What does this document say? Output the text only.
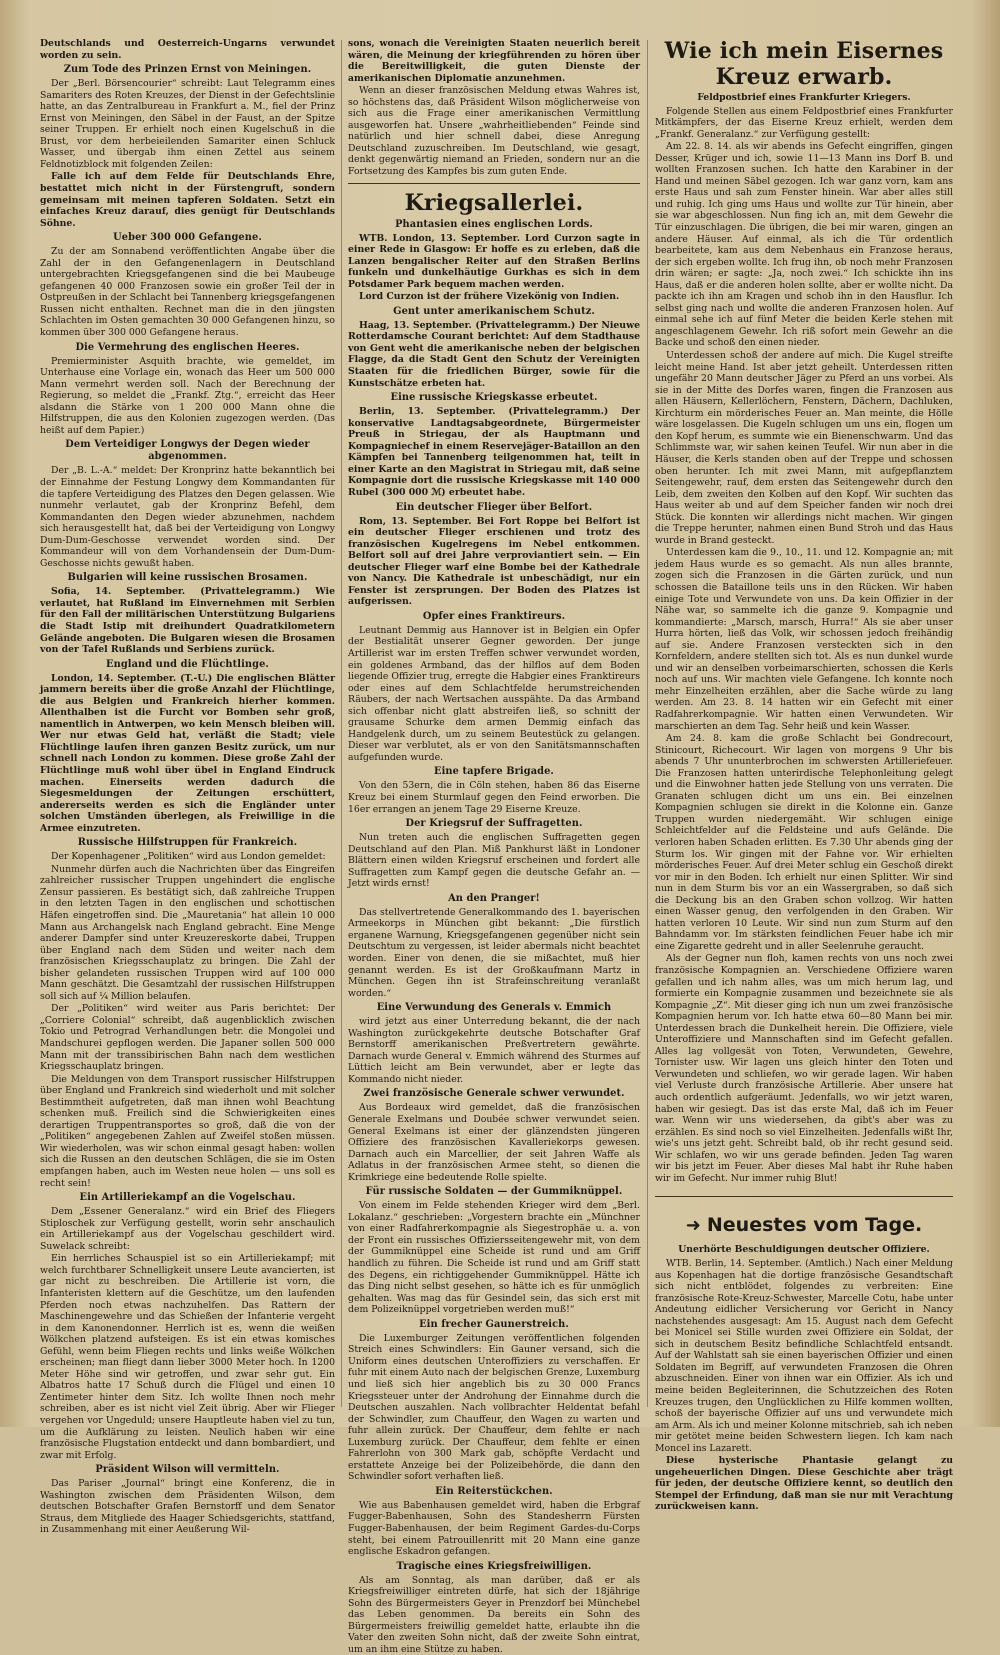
Deutschlands und Oesterreich-Ungarns verwundet worden zu sein.

Zum Tode des Prinzen Ernst von Meiningen.

Der „Berl. Börsencourier“ schreibt: Laut Telegramm eines Samariters des Roten Kreuzes, der Dienst in der Gefechtslinie hatte, an das Zentralbureau in Frankfurt a. M., fiel der Prinz Ernst von Meiningen, den Säbel in der Faust, an der Spitze seiner Truppen. Er erhielt noch einen Kugelschuß in die Brust, vor dem herbeieilenden Samariter einen Schluck Wasser, und übergab ihm einen Zettel aus seinem Feldnotizblock mit folgenden Zeilen:

Falle ich auf dem Felde für Deutschlands Ehre, bestattet mich nicht in der Fürstengruft, sondern gemeinsam mit meinen tapferen Soldaten. Setzt ein einfaches Kreuz darauf, dies genügt für Deutschlands Söhne.

Ueber 300 000 Gefangene.

Zu der am Sonnabend veröffentlichten Angabe über die Zahl der in den Gefangenenlagern in Deutschland untergebrachten Kriegsgefangenen sind die bei Maubeuge gefangenen 40 000 Franzosen sowie ein großer Teil der in Ostpreußen in der Schlacht bei Tannenberg kriegsgefangenen Russen nicht enthalten. Rechnet man die in den jüngsten Schlachten im Osten gemachten 30 000 Gefangenen hinzu, so kommen über 300 000 Gefangene heraus.

Die Vermehrung des englischen Heeres.

Premierminister Asquith brachte, wie gemeldet, im Unterhause eine Vorlage ein, wonach das Heer um 500 000 Mann vermehrt werden soll. Nach der Berechnung der Regierung, so meldet die „Frankf. Ztg.“, erreicht das Heer alsdann die Stärke von 1 200 000 Mann ohne die Hilfstruppen, die aus den Kolonien zugezogen werden. (Das heißt auf dem Papier.)

Dem Verteidiger Longwys der Degen wieder abgenommen.

Der „B. L.-A.“ meldet: Der Kronprinz hatte bekanntlich bei der Einnahme der Festung Longwy dem Kommandanten für die tapfere Verteidigung des Platzes den Degen gelassen. Wie nunmehr verlautet, gab der Kronprinz Befehl, dem Kommandanten den Degen wieder abzunehmen, nachdem sich herausgestellt hat, daß bei der Verteidigung von Longwy Dum-Dum-Geschosse verwendet worden sind. Der Kommandeur will von dem Vorhandensein der Dum-Dum-Geschosse nichts gewußt haben.

Bulgarien will keine russischen Brosamen.

Sofia, 14. September. (Privattelegramm.) Wie verlautet, hat Rußland im Einvernehmen mit Serbien für den Fall der militärischen Unterstützung Bulgariens die Stadt Istip mit dreihundert Quadratkilometern Gelände angeboten. Die Bulgaren wiesen die Brosamen von der Tafel Rußlands und Serbiens zurück.

England und die Flüchtlinge.

London, 14. September. (T.-U.) Die englischen Blätter jammern bereits über die große Anzahl der Flüchtlinge, die aus Belgien und Frankreich hierher kommen. Allenthalben ist die Furcht vor Bomben sehr groß, namentlich in Antwerpen, wo kein Mensch bleiben will. Wer nur etwas Geld hat, verläßt die Stadt; viele Flüchtlinge laufen ihren ganzen Besitz zurück, um nur schnell nach London zu kommen. Diese große Zahl der Flüchtlinge muß wohl über übel in England Eindruck machen. Einerseits werden dadurch die Siegesmeldungen der Zeitungen erschüttert, andererseits werden es sich die Engländer unter solchen Umständen überlegen, als Freiwillige in die Armee einzutreten.

Russische Hilfstruppen für Frankreich.

Der Kopenhagener „Politiken“ wird aus London gemeldet:

Nunmehr dürfen auch die Nachrichten über das Eingreifen zahlreicher russischer Truppen ungehindert die englische Zensur passieren. Es bestätigt sich, daß zahlreiche Truppen in den letzten Tagen in den englischen und schottischen Häfen eingetroffen sind. Die „Mauretania“ hat allein 10 000 Mann aus Archangelsk nach England gebracht. Eine Menge anderer Dampfer sind unter Kreuzereskorte dabei, Truppen über England nach dem Süden und weiter nach dem französischen Kriegsschauplatz zu bringen. Die Zahl der bisher gelandeten russischen Truppen wird auf 100 000 Mann geschätzt. Die Gesamtzahl der russischen Hilfstruppen soll sich auf ¼ Million belaufen.

Der „Politiken“ wird weiter aus Paris berichtet: Der „Corriere Colonial“ schreibt, daß augenblicklich zwischen Tokio und Petrograd Verhandlungen betr. die Mongolei und Mandschurei gepflogen werden. Die Japaner sollen 500 000 Mann mit der transsibirischen Bahn nach dem westlichen Kriegsschauplatz bringen.

Die Meldungen von dem Transport russischer Hilfstruppen über England und Frankreich sind wiederholt und mit solcher Bestimmtheit aufgetreten, daß man ihnen wohl Beachtung schenken muß. Freilich sind die Schwierigkeiten eines derartigen Truppentransportes so groß, daß die von der „Politiken“ angegebenen Zahlen auf Zweifel stoßen müssen. Wir wiederholen, was wir schon einmal gesagt haben: wollen sich die Russen an den deutschen Schlägen, die sie im Osten empfangen haben, auch im Westen neue holen — uns soll es recht sein!

Ein Artilleriekampf an die Vogelschau.

Dem „Essener Generalanz.“ wird ein Brief des Fliegers Stiploschek zur Verfügung gestellt, worin sehr anschaulich ein Artilleriekampf aus der Vogelschau geschildert wird. Suwelack schreibt:

Ein herrliches Schauspiel ist so ein Artilleriekampf; mit welch furchtbarer Schnelligkeit unsere Leute avancierten, ist gar nicht zu beschreiben. Die Artillerie ist vorn, die Infanteristen klettern auf die Geschütze, um den laufenden Pferden noch etwas nachzuhelfen. Das Rattern der Maschinengewehre und das Schießen der Infanterie vergeht in dem Kanonendonner. Herrlich ist es, wenn die weißen Wölkchen platzend aufsteigen. Es ist ein etwas komisches Gefühl, wenn beim Fliegen rechts und links weiße Wölkchen erscheinen; man fliegt dann lieber 3000 Meter hoch. In 1200 Meter Höhe sind wir getroffen, und zwar sehr gut. Ein Albatros hatte 17 Schuß durch die Flügel und einen 10 Zentimeter hinter dem Sitz. Ich wollte Ihnen noch mehr schreiben, aber es ist nicht viel Zeit übrig. Aber wir Flieger vergehen vor Ungeduld; unsere Hauptleute haben viel zu tun, um die Aufklärung zu leisten. Neulich haben wir eine französische Flugstation entdeckt und dann bombardiert, und zwar mit Erfolg.

Präsident Wilson will vermitteln.

Das Pariser „Journal“ bringt eine Konferenz, die in Washington zwischen dem Präsidenten Wilson, dem deutschen Botschafter Grafen Bernstorff und dem Senator Straus, dem Mitgliede des Haager Schiedsgerichts, stattfand, in Zusammenhang mit einer Aeußerung Wil-

sons, wonach die Vereinigten Staaten neuerlich bereit wären, die Meinung der kriegführenden zu hören über die Bereitwilligkeit, die guten Dienste der amerikanischen Diplomatie anzunehmen.

Wenn an dieser französischen Meldung etwas Wahres ist, so höchstens das, daß Präsident Wilson möglicherweise von sich aus die Frage einer amerikanischen Vermittlung ausgeworfen hat. Unsere „wahrheitliebenden“ Feinde sind natürlich und hier schnell dabei, diese Anregung Deutschland zuzuschreiben. Im Deutschland, wie gesagt, denkt gegenwärtig niemand an Frieden, sondern nur an die Fortsetzung des Kampfes bis zum guten Ende.

Kriegsallerlei.
Phantasien eines englischen Lords.

WTB. London, 13. September. Lord Curzon sagte in einer Rede in Glasgow: Er hoffe es zu erleben, daß die Lanzen bengalischer Reiter auf den Straßen Berlins funkeln und dunkelhäutige Gurkhas es sich in dem Potsdamer Park bequem machen werden.

Lord Curzon ist der frühere Vizekönig von Indien.

Gent unter amerikanischem Schutz.

Haag, 13. September. (Privattelegramm.) Der Nieuwe Rotterdamsche Courant berichtet: Auf dem Stadthause von Gent weht die amerikanische neben der belgischen Flagge, da die Stadt Gent den Schutz der Vereinigten Staaten für die friedlichen Bürger, sowie für die Kunstschätze erbeten hat.

Eine russische Kriegskasse erbeutet.

Berlin, 13. September. (Privattelegramm.) Der konservative Landtagsabgeordnete, Bürgermeister Preuß in Striegau, der als Hauptmann und Kompagniechef in einem Reservejäger-Bataillon an den Kämpfen bei Tannenberg teilgenommen hat, teilt in einer Karte an den Magistrat in Striegau mit, daß seine Kompagnie dort die russische Kriegskasse mit 140 000 Rubel (300 000 ℳ) erbeutet habe.

Ein deutscher Flieger über Belfort.

Rom, 13. September. Bei Fort Roppe bei Belfort ist ein deutscher Flieger erschienen und trotz des französischen Kugelregens im Nebel entkommen. Belfort soll auf drei Jahre verproviantiert sein. — Ein deutscher Flieger warf eine Bombe bei der Kathedrale von Nancy. Die Kathedrale ist unbeschädigt, nur ein Fenster ist zersprungen. Der Boden des Platzes ist aufgerissen.

Opfer eines Franktireurs.

Leutnant Demmig aus Hannover ist in Belgien ein Opfer der Bestialität unserer Gegner geworden. Der junge Artillerist war im ersten Treffen schwer verwundet worden, ein goldenes Armband, das der hilflos auf dem Boden liegende Offizier trug, erregte die Habgier eines Franktireurs oder eines auf dem Schlachtfelde herumstreichenden Räubers, der nach Wertsachen ausspähte. Da das Armband sich offenbar nicht glatt abstreifen ließ, so schnitt der grausame Schurke dem armen Demmig einfach das Handgelenk durch, um zu seinem Beutestück zu gelangen. Dieser war verblutet, als er von den Sanitätsmannschaften aufgefunden wurde.

Eine tapfere Brigade.

Von den 53ern, die in Cöln stehen, haben 86 das Eiserne Kreuz bei einem Sturmlauf gegen den Feind erworben. Die 16er errangen an jenem Tage 29 Eiserne Kreuze.

Der Kriegsruf der Suffragetten.

Nun treten auch die englischen Suffragetten gegen Deutschland auf den Plan. Miß Pankhurst läßt in Londoner Blättern einen wilden Kriegsruf erscheinen und fordert alle Suffragetten zum Kampf gegen die deutsche Gefahr an. — Jetzt wirds ernst!

An den Pranger!

Das stellvertretende Generalkommando des 1. bayerischen Armeekorps in München gibt bekannt: „Die fürstlich erganene Warnung, Kriegsgefangenen gegenüber nicht sein Deutschtum zu vergessen, ist leider abermals nicht beachtet worden. Einer von denen, die sie mißachtet, muß hier genannt werden. Es ist der Großkaufmann Martz in München. Gegen ihn ist Strafeinschreitung veranlaßt worden.“

Eine Verwundung des Generals v. Emmich

wird jetzt aus einer Unterredung bekannt, die der nach Washington zurückgekehrte deutsche Botschafter Graf Bernstorff amerikanischen Preßvertretern gewährte. Darnach wurde General v. Emmich während des Sturmes auf Lüttich leicht am Bein verwundet, aber er legte das Kommando nicht nieder.

Zwei französische Generale schwer verwundet.

Aus Bordeaux wird gemeldet, daß die französischen Generale Exelmans und Doubée schwer verwundet seien. General Exelmans ist einer der glänzendsten jüngeren Offiziere des französischen Kavalleriekorps gewesen. Darnach auch ein Marcellier, der seit Jahren Waffe als Adlatus in der französischen Armee steht, so dienen die Krimkriege eine bedeutende Rolle spielte.

Für russische Soldaten — der Gummiknüppel.

Von einem im Felde stehenden Krieger wird dem „Berl. Lokalanz.“ geschrieben: „Vorgestern brachte ein „Münchner von einer Radfahrerkompagnie als Siegestrophäe u. a. von der Front ein russisches Offiziersseitengewehr mit, von dem der Gummiknüppel eine Scheide ist rund und am Griff handlich zu führen. Die Scheide ist rund und am Griff statt des Degens, ein richtiggehender Gummiknüppel. Hätte ich das Ding nicht selbst gesehen, so hätte ich es für unmöglich gehalten. Was mag das für Gesindel sein, das sich erst mit dem Polizeiknüppel vorgetrieben werden muß!“

Ein frecher Gaunerstreich.

Die Luxemburger Zeitungen veröffentlichen folgenden Streich eines Schwindlers: Ein Gauner versand, sich die Uniform eines deutschen Unteroffiziers zu verschaffen. Er fuhr mit einem Auto nach der belgischen Grenze, Luxemburg und ließ sich hier angeblich bis zu 30 000 Francs Kriegssteuer unter der Androhung der Einnahme durch die Deutschen auszahlen. Nach vollbrachter Heldentat befahl der Schwindler, zum Chauffeur, den Wagen zu warten und fuhr allein zurück. Der Chauffeur, dem fehlte er nach Luxemburg zurück. Der Chauffeur, dem fehlte er einen Fahrerlohn von 300 Mark gab, schöpfte Verdacht und erstattete Anzeige bei der Polizeibehörde, die dann den Schwindler sofort verhaften ließ.

Ein Reiterstückchen.

Wie aus Babenhausen gemeldet wird, haben die Erbgraf Fugger-Babenhausen, Sohn des Standesherrn Fürsten Fugger-Babenhausen, der beim Regiment Gardes-du-Corps steht, bei einem Patrouillenritt mit 20 Mann eine ganze englische Eskadron gefangen.

Tragische eines Kriegsfreiwilligen.

Als am Sonntag, als man darüber, daß er als Kriegsfreiwilliger eintreten dürfe, hat sich der 18jährige Sohn des Bürgermeisters Geyer in Prenzdorf bei Münchebel das Leben genommen. Da bereits ein Sohn des Bürgermeisters freiwillig gemeldet hatte, erlaubte ihn die Vater den zweiten Sohn nicht, daß der zweite Sohn eintrat, um an ihm eine Stütze zu haben.

Wie ich mein Eisernes Kreuz erwarb.
Feldpostbrief eines Frankfurter Kriegers.

Folgende Stellen aus einem Feldpostbrief eines Frankfurter Mitkämpfers, der das Eiserne Kreuz erhielt, werden dem „Frankf. Generalanz.“ zur Verfügung gestellt:

Am 22. 8. 14. als wir abends ins Gefecht eingriffen, gingen Desser, Krüger und ich, sowie 11—13 Mann ins Dorf B. und wollten Franzosen suchen. Ich hatte den Karabiner in der Hand und meinen Säbel gezogen. Ich war ganz vorn, kam ans erste Haus und sah zum Fenster hinein. War aber alles still und ruhig. Ich ging ums Haus und wollte zur Tür hinein, aber sie war abgeschlossen. Nun fing ich an, mit dem Gewehr die Tür einzuschlagen. Die übrigen, die bei mir waren, gingen an andere Häuser. Auf einmal, als ich die Tür ordentlich bearbeitete, kam aus dem Nebenhaus ein Franzose heraus, der sich ergeben wollte. Ich frug ihn, ob noch mehr Franzosen drin wären; er sagte: „Ja, noch zwei.“ Ich schickte ihn ins Haus, daß er die anderen holen sollte, aber er wollte nicht. Da packte ich ihn am Kragen und schob ihn in den Hausflur. Ich selbst ging nach und wollte die anderen Franzosen holen. Auf einmal sehe ich auf fünf Meter die beiden Kerle stehen mit angeschlagenem Gewehr. Ich riß sofort mein Gewehr an die Backe und schoß den einen nieder.

Unterdessen schoß der andere auf mich. Die Kugel streifte leicht meine Hand. Ist aber jetzt geheilt. Unterdessen ritten ungefähr 20 Mann deutscher Jäger zu Pferd an uns vorbei. Als sie in der Mitte des Dorfes waren, fingen die Franzosen aus allen Häusern, Kellerlöchern, Fenstern, Dächern, Dachluken, Kirchturm ein mörderisches Feuer an. Man meinte, die Hölle wäre losgelassen. Die Kugeln schlugen um uns ein, flogen um den Kopf herum, es summte wie ein Bienenschwarm. Und das Schlimmste war, wir sahen keinen Teufel. Wir nun aber in die Häuser, die Kerls standen oben auf der Treppe und schossen oben herunter. Ich mit zwei Mann, mit aufgepflanztem Seitengewehr, rauf, dem ersten das Seitengewehr durch den Leib, dem zweiten den Kolben auf den Kopf. Wir suchten das Haus weiter ab und auf dem Speicher fanden wir noch drei Stück. Die konnten wir allerdings nicht machen. Wir gingen die Treppe herunter, nahmen einen Bund Stroh und das Haus wurde in Brand gesteckt.

Unterdessen kam die 9., 10., 11. und 12. Kompagnie an; mit jedem Haus wurde es so gemacht. Als nun alles brannte, zogen sich die Franzosen in die Gärten zurück, und nun schossen die Bataillone teils uns in den Rücken. Wir haben einige Tote und Verwundete von uns. Da kein Offizier in der Nähe war, so sammelte ich die ganze 9. Kompagnie und kommandierte: „Marsch, marsch, Hurra!“ Als sie aber unser Hurra hörten, ließ das Volk, wir schossen jedoch freihändig auf sie. Andere Franzosen versteckten sich in den Kornfeldern, andere stellten sich tot. Als es nun dunkel wurde und wir an denselben vorbeimarschierten, schossen die Kerls noch auf uns. Wir machten viele Gefangene. Ich konnte noch mehr Einzelheiten erzählen, aber die Sache würde zu lang werden. Am 23. 8. 14 hatten wir ein Gefecht mit einer Radfahrerkompagnie. Wir hatten einen Verwundeten. Wir marschierten an dem Tag. Sehr heiß und kein Wasser.

Am 24. 8. kam die große Schlacht bei Gondrecourt, Stinicourt, Richecourt. Wir lagen von morgens 9 Uhr bis abends 7 Uhr ununterbrochen im schwersten Artilleriefeuer. Die Franzosen hatten unterirdische Telephonleitung gelegt und die Einwohner hatten jede Stellung von uns verraten. Die Granaten schlugen dicht um uns ein. Bei einzelnen Kompagnien schlugen sie direkt in die Kolonne ein. Ganze Truppen wurden niedergemäht. Wir schlugen einige Schleichtfelder auf die Feldsteine und aufs Gelände. Die verloren haben Schaden erlitten. Es 7.30 Uhr abends ging der Sturm los. Wir gingen mit der Fahne vor. Wir erhielten mörderisches Feuer. Auf drei Meter schlug ein Geschoß direkt vor mir in den Boden. Ich erhielt nur einen Splitter. Wir sind nun in dem Sturm bis vor an ein Wassergraben, so daß sich die Deckung bis an den Graben schon vollzog. Wir hatten einen Wasser genug, den verfolgenden in den Graben. Wir hatten verloren 10 Leute. Wir sind nun zum Sturm auf den Bahndamm vor. Im stärksten feindlichen Feuer habe ich mir eine Zigarette gedreht und in aller Seelenruhe geraucht.

Als der Gegner nun floh, kamen rechts von uns noch zwei französische Kompagnien an. Verschiedene Offiziere waren gefallen und ich nahm alles, was um mich herum lag, und formierte ein Kompagnie zusammen und bezeichnete sie als Kompagnie „Z“. Mit dieser ging ich nun um zwei französische Kompagnien herum vor. Ich hatte etwa 60—80 Mann bei mir. Unterdessen brach die Dunkelheit herein. Die Offiziere, viele Unteroffiziere und Mannschaften sind im Gefecht gefallen. Alles lag vollgesät von Toten, Verwundeten, Gewehre, Tornister usw. Wir lagen uns gleich hinter den Toten und Verwundeten und schliefen, wo wir gerade lagen. Wir haben viel Verluste durch französische Artillerie. Aber unsere hat auch ordentlich aufgeräumt. Jedenfalls, wo wir jetzt waren, haben wir gesiegt. Das ist das erste Mal, daß ich im Feuer war. Wenn wir uns wiedersehen, da gibt's aber was zu erzählen. Es sind noch so viel Einzelheiten. Jedenfalls wißt Ihr, wie's uns jetzt geht. Schreibt bald, ob ihr recht gesund seid. Wir schlafen, wo wir uns gerade befinden. Jeden Tag waren wir bis jetzt im Feuer. Aber dieses Mal habt ihr Ruhe haben wir im Gefecht. Nur immer ruhig Blut!

➜ Neuestes vom Tage.
Unerhörte Beschuldigungen deutscher Offiziere.

WTB. Berlin, 14. September. (Amtlich.) Nach einer Meldung aus Kopenhagen hat die dortige französische Gesandtschaft sich nicht entblödet, folgendes zu verbreiten: Eine französische Rote-Kreuz-Schwester, Marcelle Cotu, habe unter Andeutung eidlicher Versicherung vor Gericht in Nancy nachstehendes ausgesagt: Am 15. August nach dem Gefecht bei Monicel sei Stille wurden zwei Offiziere ein Soldat, der sich in deutschem Besitz befindliche Schlachtfeld entsandt. Auf der Wahlstatt sah sie einen bayerischen Offizier und einen Soldaten im Begriff, auf verwundeten Franzosen die Ohren abzuschneiden. Einer von ihnen war ein Offizier. Als ich und meine beiden Begleiterinnen, die Schutzzeichen des Roten Kreuzes trugen, den Unglücklichen zu Hilfe kommen wollten, schoß der bayerische Offizier auf uns und verwundete mich am Arm. Als ich und meiner Kolonne mitschrieb, sah ich neben mir getötet meine beiden Schwestern liegen. Ich kam nach Moncel ins Lazarett.

Diese hysterische Phantasie gelangt zu ungeheuerlichen Dingen. Diese Geschichte aber trägt für jeden, der deutsche Offiziere kennt, so deutlich den Stempel der Erfindung, daß man sie nur mit Verachtung zurückweisen kann.
